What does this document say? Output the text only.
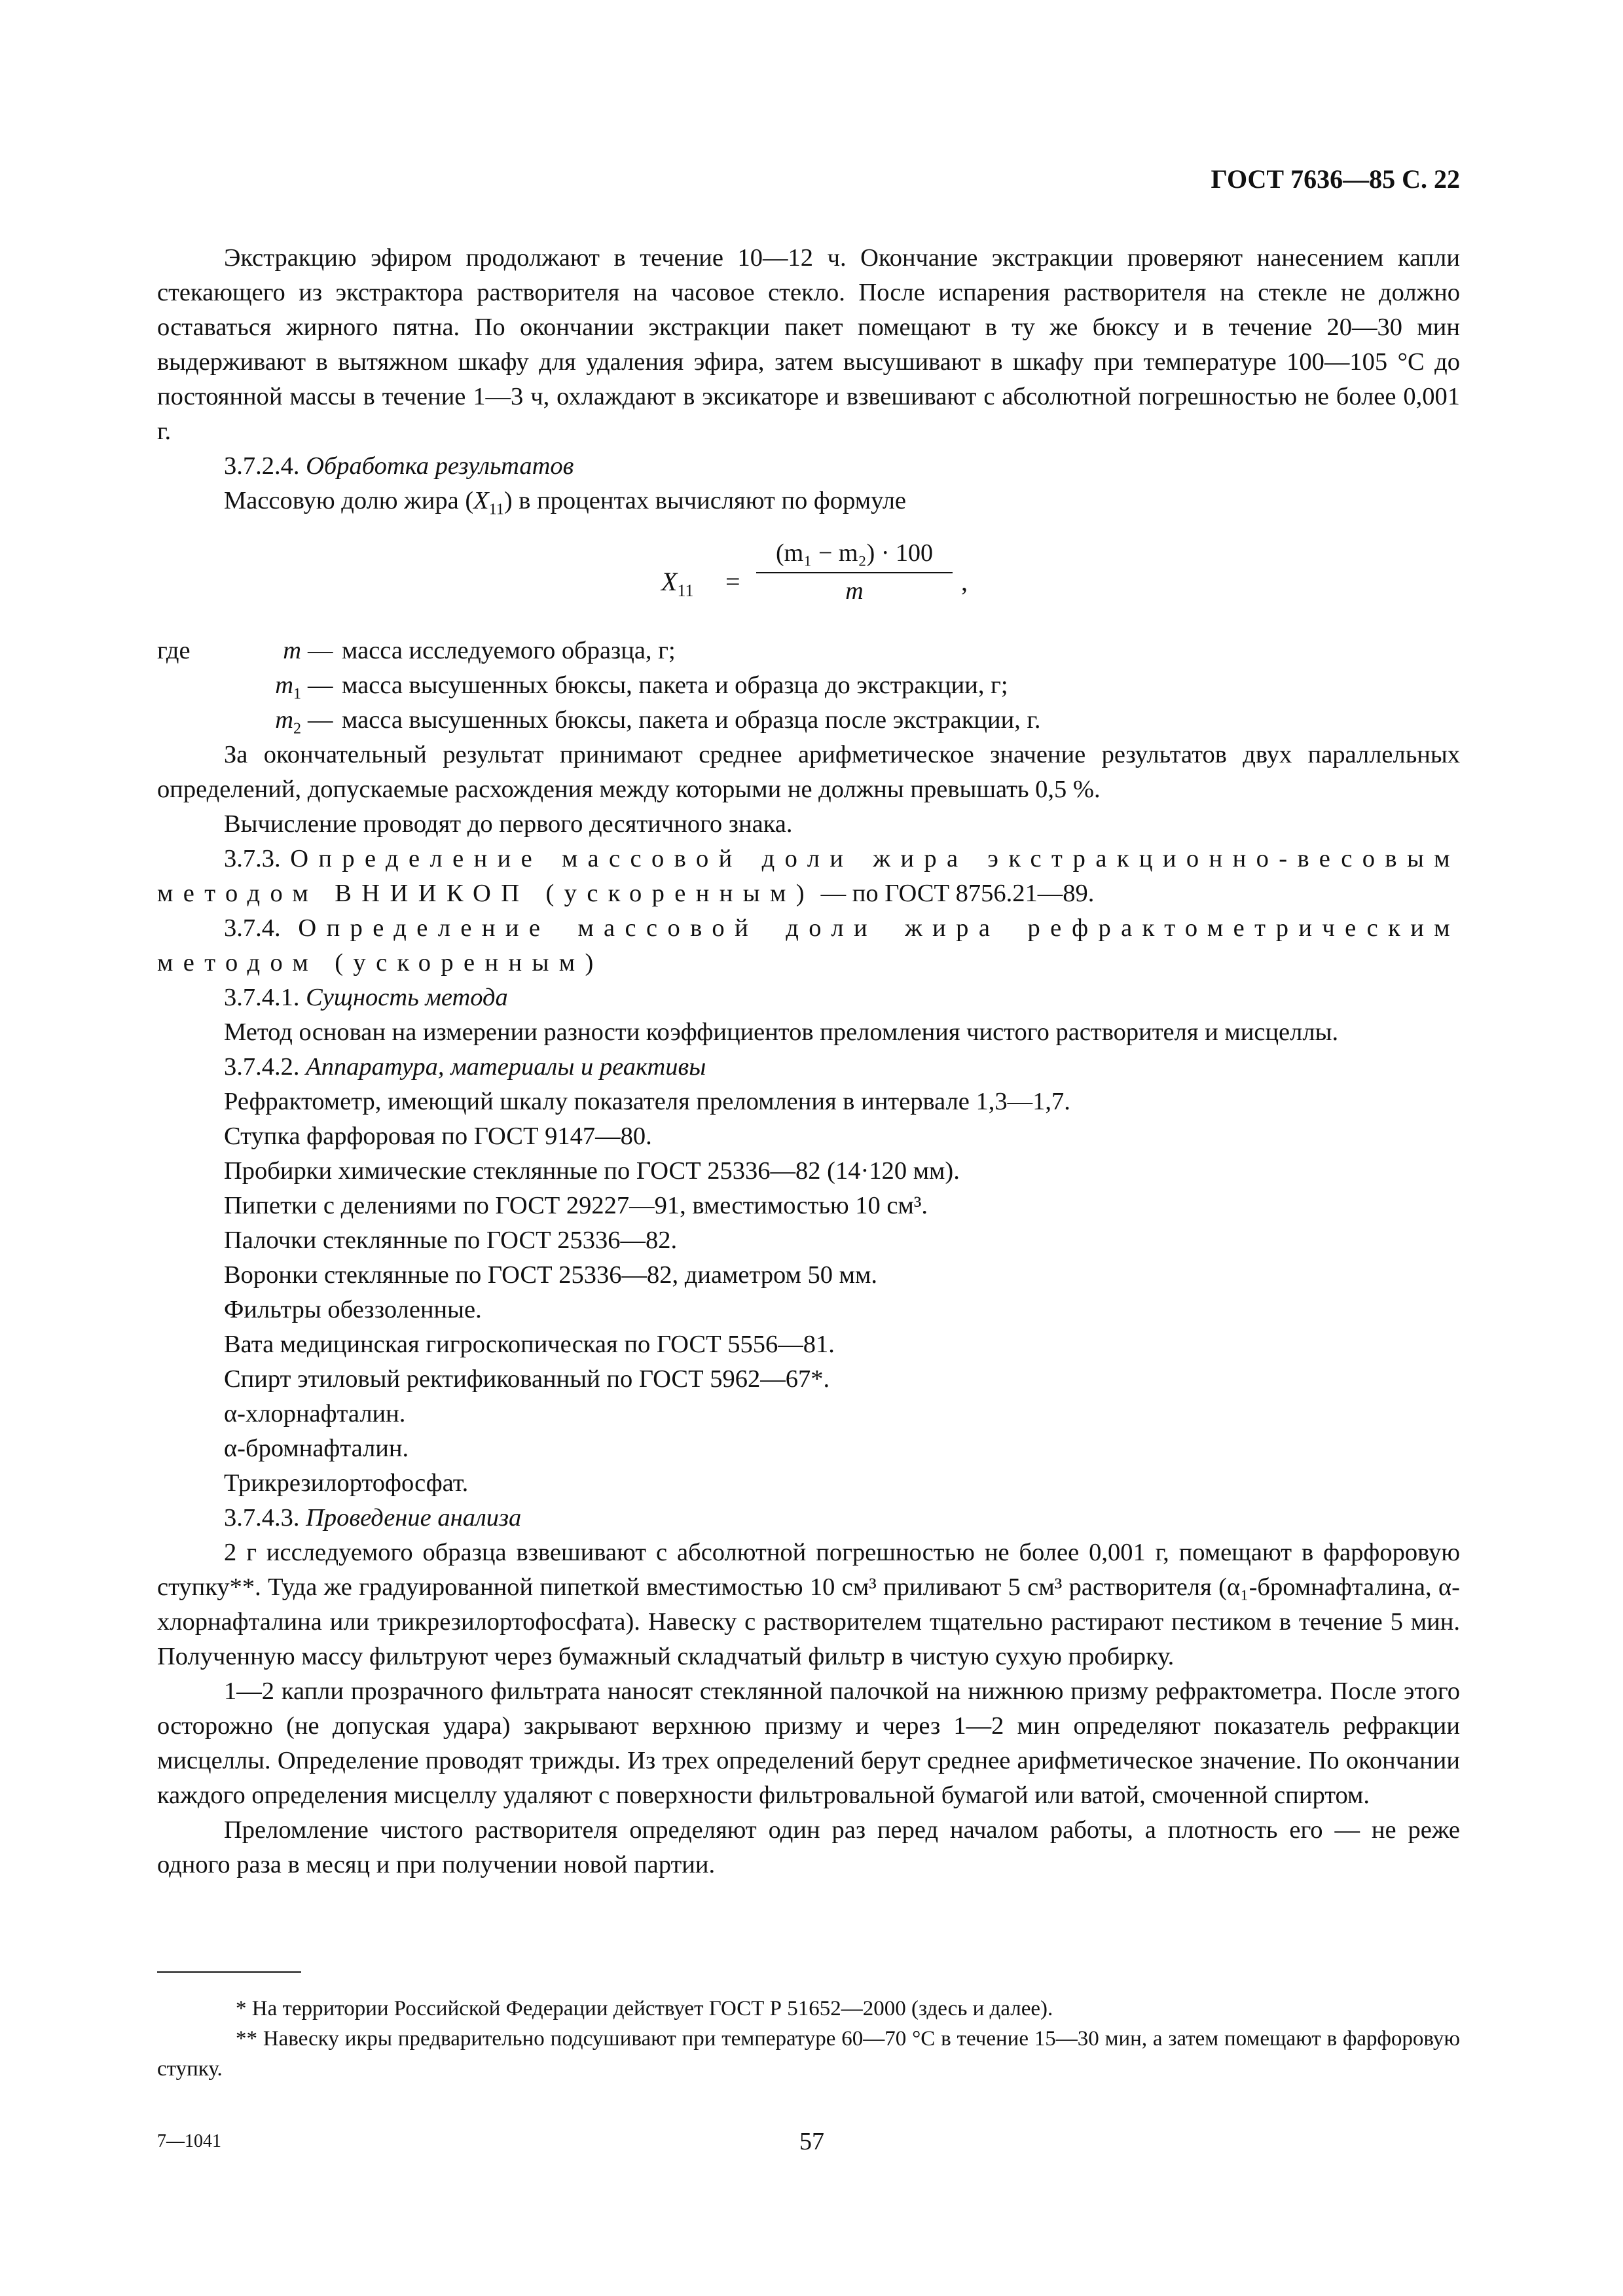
ГОСТ 7636—85 С. 22

Экстракцию эфиром продолжают в течение 10—12 ч. Окончание экстракции проверяют нанесением капли стекающего из экстрактора растворителя на часовое стекло. После испарения растворителя на стекле не должно оставаться жирного пятна. По окончании экстракции пакет помещают в ту же бюксу и в течение 20—30 мин выдерживают в вытяжном шкафу для удаления эфира, затем высушивают в шкафу при температуре 100—105 °С до постоянной массы в течение 1—3 ч, охлаждают в эксикаторе и взвешивают с абсолютной погрешностью не более 0,001 г.

3.7.2.4. Обработка результатов

Массовую долю жира $(X_{11})$ в процентах вычисляют по формуле

$X_{11}$ =
(m₁ − m₂) · 100
m	,
где	m — масса исследуемого образца, г;
$m_1$ — масса высушенных бюксы, пакета и образца до экстракции, г;
$m_2$ — масса высушенных бюксы, пакета и образца после экстракции, г.

За окончательный результат принимают среднее арифметическое значение результатов двух параллельных определений, допускаемые расхождения между которыми не должны превышать 0,5 %.

Вычисление проводят до первого десятичного знака.

3.7.3. Определение массовой доли жира экстракционно-весовым методом ВНИИКОП (ускоренным) — по ГОСТ 8756.21—89.

3.7.4. Определение массовой доли жира рефрактометрическим методом (ускоренным)

3.7.4.1. Сущность метода

Метод основан на измерении разности коэффициентов преломления чистого растворителя и мисцеллы.

3.7.4.2. Аппаратура, материалы и реактивы

Рефрактометр, имеющий шкалу показателя преломления в интервале 1,3—1,7.

Ступка фарфоровая по ГОСТ 9147—80.

Пробирки химические стеклянные по ГОСТ 25336—82 (14·120 мм).

Пипетки с делениями по ГОСТ 29227—91, вместимостью 10 см³.

Палочки стеклянные по ГОСТ 25336—82.

Воронки стеклянные по ГОСТ 25336—82, диаметром 50 мм.

Фильтры обеззоленные.

Вата медицинская гигроскопическая по ГОСТ 5556—81.

Спирт этиловый ректификованный по ГОСТ 5962—67*.

α-хлорнафталин.

α-бромнафталин.

Трикрезилортофосфат.

3.7.4.3. Проведение анализа

2 г исследуемого образца взвешивают с абсолютной погрешностью не более 0,001 г, помещают в фарфоровую ступку**. Туда же градуированной пипеткой вместимостью 10 см³ приливают 5 см³ растворителя (α₁-бромнафталина, α-хлорнафталина или трикрезилортофосфата). Навеску с растворителем тщательно растирают пестиком в течение 5 мин. Полученную массу фильтруют через бумажный складчатый фильтр в чистую сухую пробирку.

1—2 капли прозрачного фильтрата наносят стеклянной палочкой на нижнюю призму рефрактометра. После этого осторожно (не допуская удара) закрывают верхнюю призму и через 1—2 мин определяют показатель рефракции мисцеллы. Определение проводят трижды. Из трех определений берут среднее арифметическое значение. По окончании каждого определения мисцеллу удаляют с поверхности фильтровальной бумагой или ватой, смоченной спиртом.

Преломление чистого растворителя определяют один раз перед началом работы, а плотность его — не реже одного раза в месяц и при получении новой партии.

* На территории Российской Федерации действует ГОСТ Р 51652—2000 (здесь и далее).

** Навеску икры предварительно подсушивают при температуре 60—70 °С в течение 15—30 мин, а затем помещают в фарфоровую ступку.

7—1041	57
